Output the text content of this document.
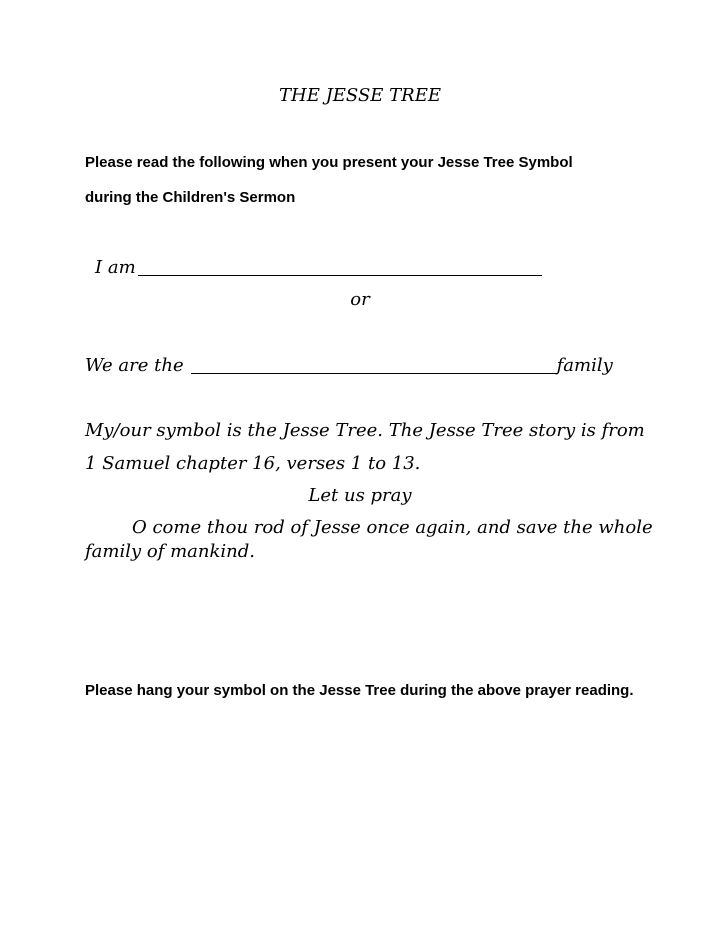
THE JESSE TREE
Please read the following when you present your Jesse Tree Symbol
during the Children's Sermon
I am
or
We are the	family
My/our symbol is the Jesse Tree. The Jesse Tree story is from
1 Samuel chapter 16, verses 1 to 13.
Let us pray
O come thou rod of Jesse once again, and save the whole
family of mankind.
Please hang your symbol on the Jesse Tree during the above prayer reading.
